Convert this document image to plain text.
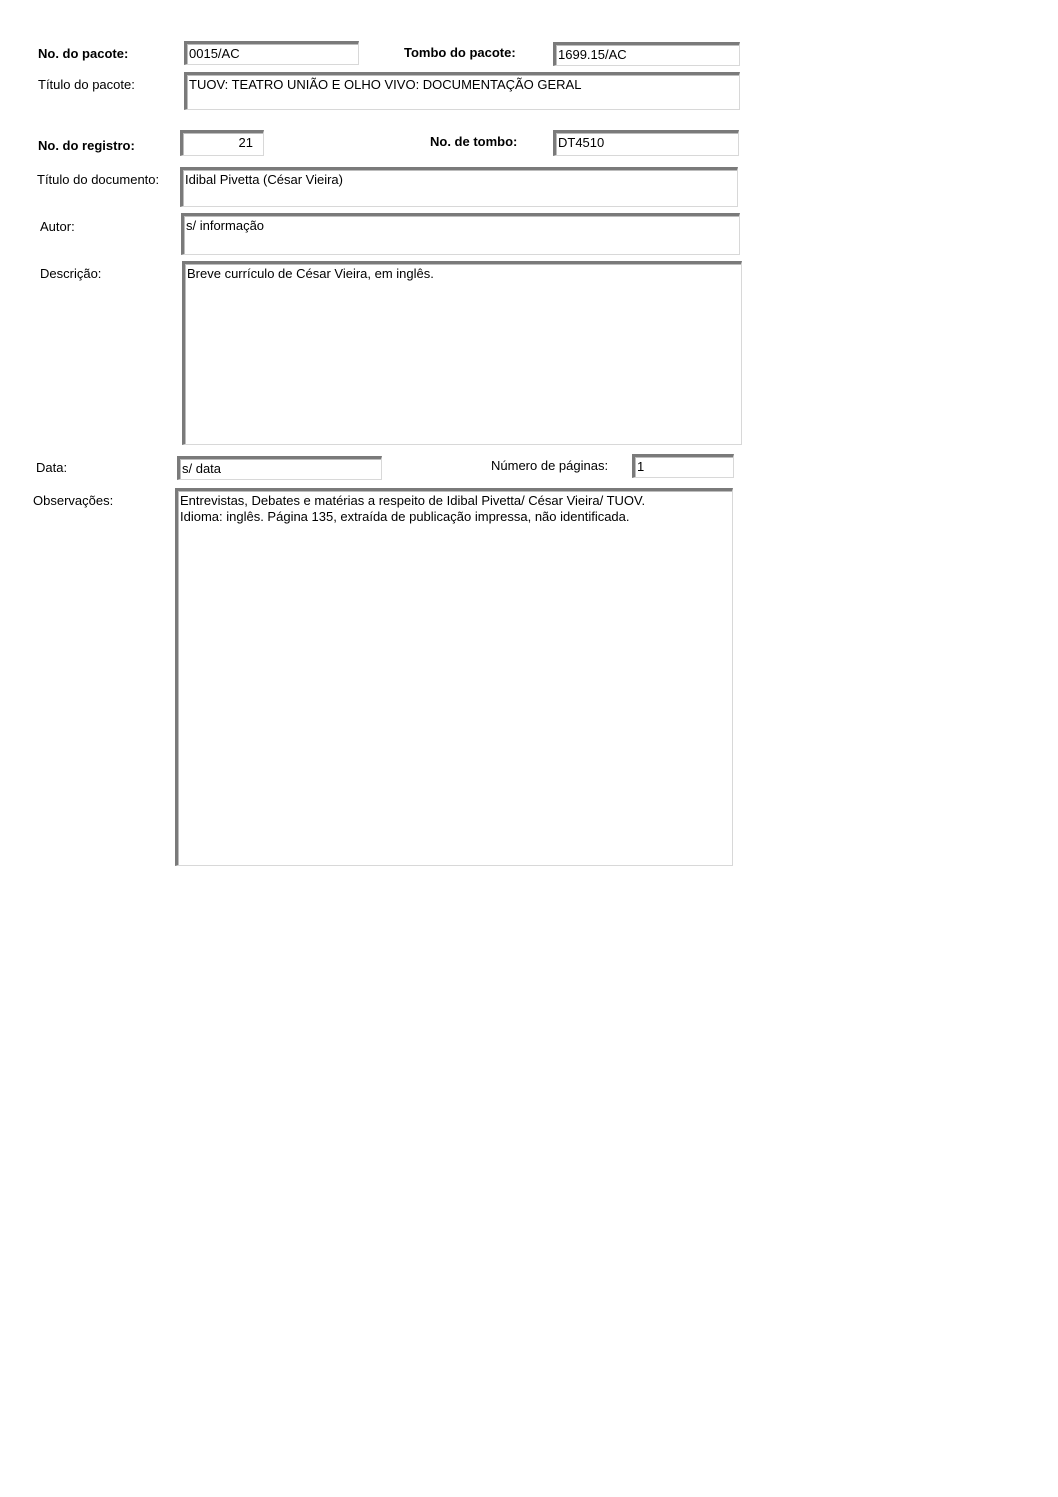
No. do pacote:	0015/AC	Tombo do pacote:	1699.15/AC
Título do pacote:	TUOV: TEATRO UNIÃO E OLHO VIVO: DOCUMENTAÇÃO GERAL
No. do registro:	21	No. de tombo:	DT4510
Título do documento:	Idibal Pivetta (César Vieira)
Autor:	s/ informação
Descrição:	Breve currículo de César Vieira, em inglês.
Data:	s/ data	Número de páginas:	1
Observações:	Entrevistas, Debates e matérias a respeito de Idibal Pivetta/ César Vieira/ TUOV.
Idioma: inglês. Página 135, extraída de publicação impressa, não identificada.
